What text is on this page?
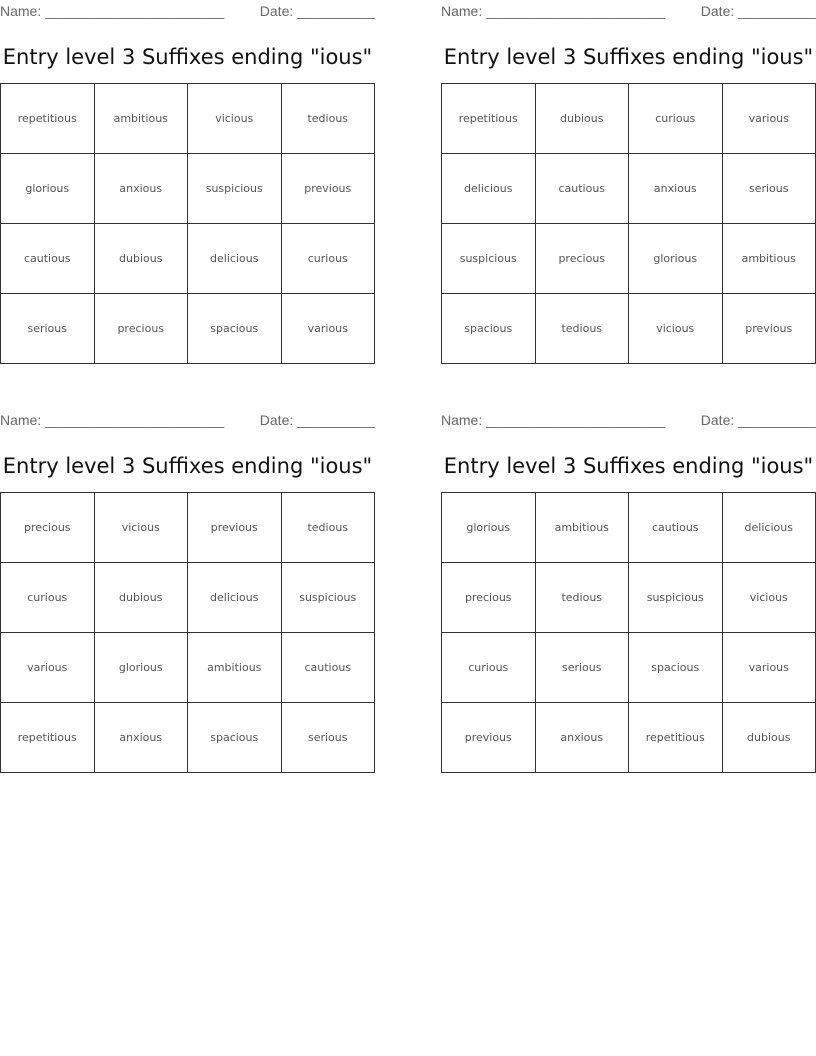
Name: _______________________	Date: __________
Entry level 3 Suffixes ending "ious"
repetitious	ambitious	vicious	tedious
glorious	anxious	suspicious	previous
cautious	dubious	delicious	curious
serious	precious	spacious	various
Name: _______________________	Date: __________
Entry level 3 Suffixes ending "ious"
repetitious	dubious	curious	various
delicious	cautious	anxious	serious
suspicious	precious	glorious	ambitious
spacious	tedious	vicious	previous
Name: _______________________	Date: __________
Entry level 3 Suffixes ending "ious"
precious	vicious	previous	tedious
curious	dubious	delicious	suspicious
various	glorious	ambitious	cautious
repetitious	anxious	spacious	serious
Name: _______________________	Date: __________
Entry level 3 Suffixes ending "ious"
glorious	ambitious	cautious	delicious
precious	tedious	suspicious	vicious
curious	serious	spacious	various
previous	anxious	repetitious	dubious
